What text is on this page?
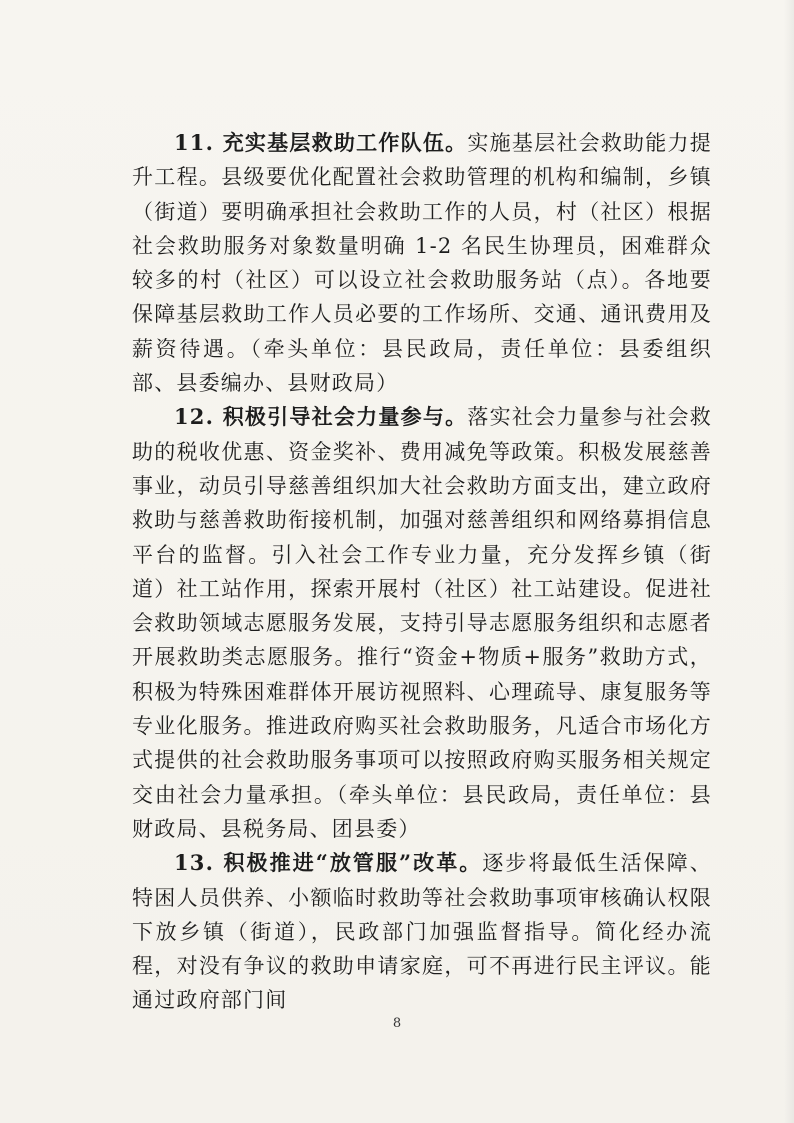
11. 充实基层救助工作队伍。实施基层社会救助能力提升工程。县级要优化配置社会救助管理的机构和编制，乡镇（街道）要明确承担社会救助工作的人员，村（社区）根据社会救助服务对象数量明确 1-2 名民生协理员，困难群众较多的村（社区）可以设立社会救助服务站（点）。各地要保障基层救助工作人员必要的工作场所、交通、通讯费用及薪资待遇。（牵头单位：县民政局，责任单位：县委组织部、县委编办、县财政局）

12. 积极引导社会力量参与。落实社会力量参与社会救助的税收优惠、资金奖补、费用减免等政策。积极发展慈善事业，动员引导慈善组织加大社会救助方面支出，建立政府救助与慈善救助衔接机制，加强对慈善组织和网络募捐信息平台的监督。引入社会工作专业力量，充分发挥乡镇（街道）社工站作用，探索开展村（社区）社工站建设。促进社会救助领域志愿服务发展，支持引导志愿服务组织和志愿者开展救助类志愿服务。推行“资金+物质+服务”救助方式，积极为特殊困难群体开展访视照料、心理疏导、康复服务等专业化服务。推进政府购买社会救助服务，凡适合市场化方式提供的社会救助服务事项可以按照政府购买服务相关规定交由社会力量承担。（牵头单位：县民政局，责任单位：县财政局、县税务局、团县委）

13. 积极推进“放管服”改革。逐步将最低生活保障、特困人员供养、小额临时救助等社会救助事项审核确认权限下放乡镇（街道），民政部门加强监督指导。简化经办流程，对没有争议的救助申请家庭，可不再进行民主评议。能通过政府部门间

8
